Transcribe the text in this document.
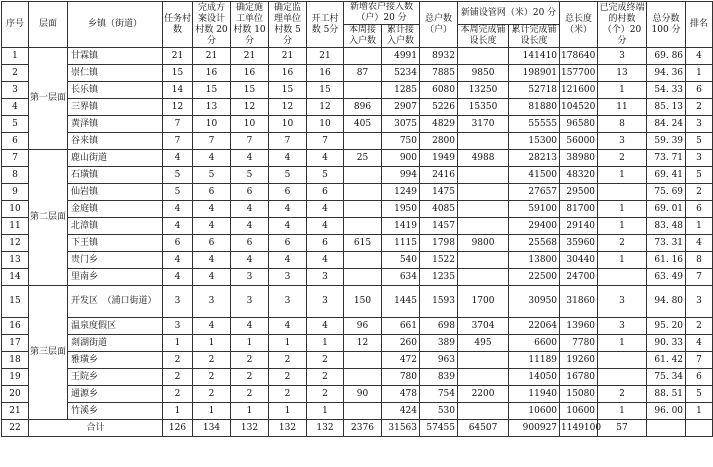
序号	层面	乡镇（街道）	任务村数	完成方案设计村数 20分	确定施工单位村数 10分	确定监理单位村数 5分	开工村数 5分	新增农户接入数（户）20 分		总户数（户）	新铺设管网（米）20 分		总长度（米）	已完成终端的村数（个）20 分	总分数 100 分	排名
								本周接入户数	累计接入户数		本周完成铺设长度	累计完成铺设长度				
1	第一层面	甘霖镇	21	21	21	21	21		4991	8932		141410	178640	3	69. 86	4
2		崇仁镇	15	16	16	16	16	87	5234	7885	9850	198901	157700	13	94. 36	1
3		长乐镇	14	15	15	15	15		1285	6080	13250	52718	121600	1	54. 33	6
4		三界镇	12	13	12	12	12	896	2907	5226	15350	81880	104520	11	85. 13	2
5		黄泽镇	7	10	10	10	10	405	3075	4829	3170	55555	96580	8	84. 24	3
6		谷来镇	7	7	7	7	7		750	2800		15300	56000	3	59. 39	5
7	第二层面	鹿山街道	4	4	4	4	4	25	900	1949	4988	28213	38980	2	73. 71	3
8		石璜镇	5	5	5	5	5		994	2416		41500	48320	1	69. 41	5
9		仙岩镇	5	6	6	6	6		1249	1475		27657	29500		75. 69	2
10		金庭镇	4	4	4	4	4		1950	4085		59100	81700	1	69. 01	6
11		北漳镇	4	4	4	4	4		1419	1457		29400	29140	1	83. 48	1
12		下王镇	6	6	6	6	6	615	1115	1798	9800	25568	35960	2	73. 31	4
13		贵门乡	4	4	4	4	4		540	1522		13800	30440	1	61. 16	8
14		里南乡	4	4	3	3	3		634	1235		22500	24700		63. 49	7
15	第三层面	开发区　（浦口街道）	3	3	3	3	3	150	1445	1593	1700	30950	31860	3	94. 80	3
16		温泉度假区	3	4	4	4	4	96	661	698	3704	22064	13960	3	95. 20	2
17		剡湖街道	1	1	1	1	1	12	260	389	495	6600	7780	1	90. 33	4
18		雅璜乡	2	2	2	2	2		472	963		11189	19260		61. 42	7
19		王院乡	2	2	2	2	2		780	839		14050	16780		75. 34	6
20		通源乡	2	2	2	2	2	90	478	754	2200	11940	15080	2	88. 51	5
21		竹溪乡	1	1	1	1	1		424	530		10600	10600	1	96. 00	1
22	合计		126	134	132	132	132	2376	31563	57455	64507	900927	1149100	57		
